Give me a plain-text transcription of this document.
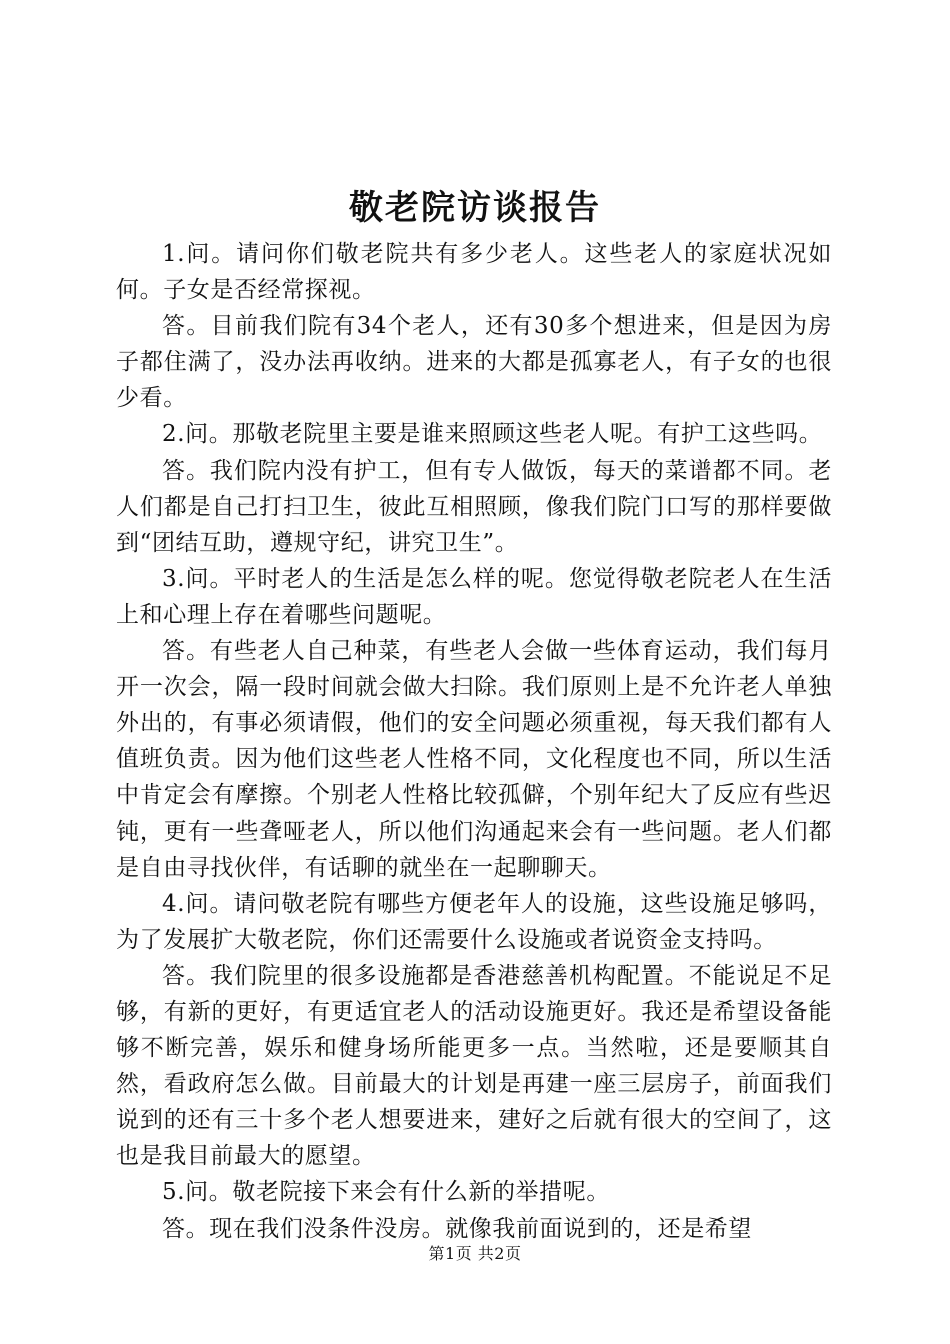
敬老院访谈报告

1.问。请问你们敬老院共有多少老人。这些老人的家庭状况如何。子女是否经常探视。

答。目前我们院有34个老人，还有30多个想进来，但是因为房子都住满了，没办法再收纳。进来的大都是孤寡老人，有子女的也很少看。

2.问。那敬老院里主要是谁来照顾这些老人呢。有护工这些吗。

答。我们院内没有护工，但有专人做饭，每天的菜谱都不同。老人们都是自己打扫卫生，彼此互相照顾，像我们院门口写的那样要做到“团结互助，遵规守纪，讲究卫生”。

3.问。平时老人的生活是怎么样的呢。您觉得敬老院老人在生活上和心理上存在着哪些问题呢。

答。有些老人自己种菜，有些老人会做一些体育运动，我们每月开一次会，隔一段时间就会做大扫除。我们原则上是不允许老人单独外出的，有事必须请假，他们的安全问题必须重视，每天我们都有人值班负责。因为他们这些老人性格不同，文化程度也不同，所以生活中肯定会有摩擦。个别老人性格比较孤僻，个别年纪大了反应有些迟钝，更有一些聋哑老人，所以他们沟通起来会有一些问题。老人们都是自由寻找伙伴，有话聊的就坐在一起聊聊天。

4.问。请问敬老院有哪些方便老年人的设施，这些设施足够吗，为了发展扩大敬老院，你们还需要什么设施或者说资金支持吗。

答。我们院里的很多设施都是香港慈善机构配置。不能说足不足够，有新的更好，有更适宜老人的活动设施更好。我还是希望设备能够不断完善，娱乐和健身场所能更多一点。当然啦，还是要顺其自然，看政府怎么做。目前最大的计划是再建一座三层房子，前面我们说到的还有三十多个老人想要进来，建好之后就有很大的空间了，这也是我目前最大的愿望。

5.问。敬老院接下来会有什么新的举措呢。

答。现在我们没条件没房。就像我前面说到的，还是希望

第1页 共2页
